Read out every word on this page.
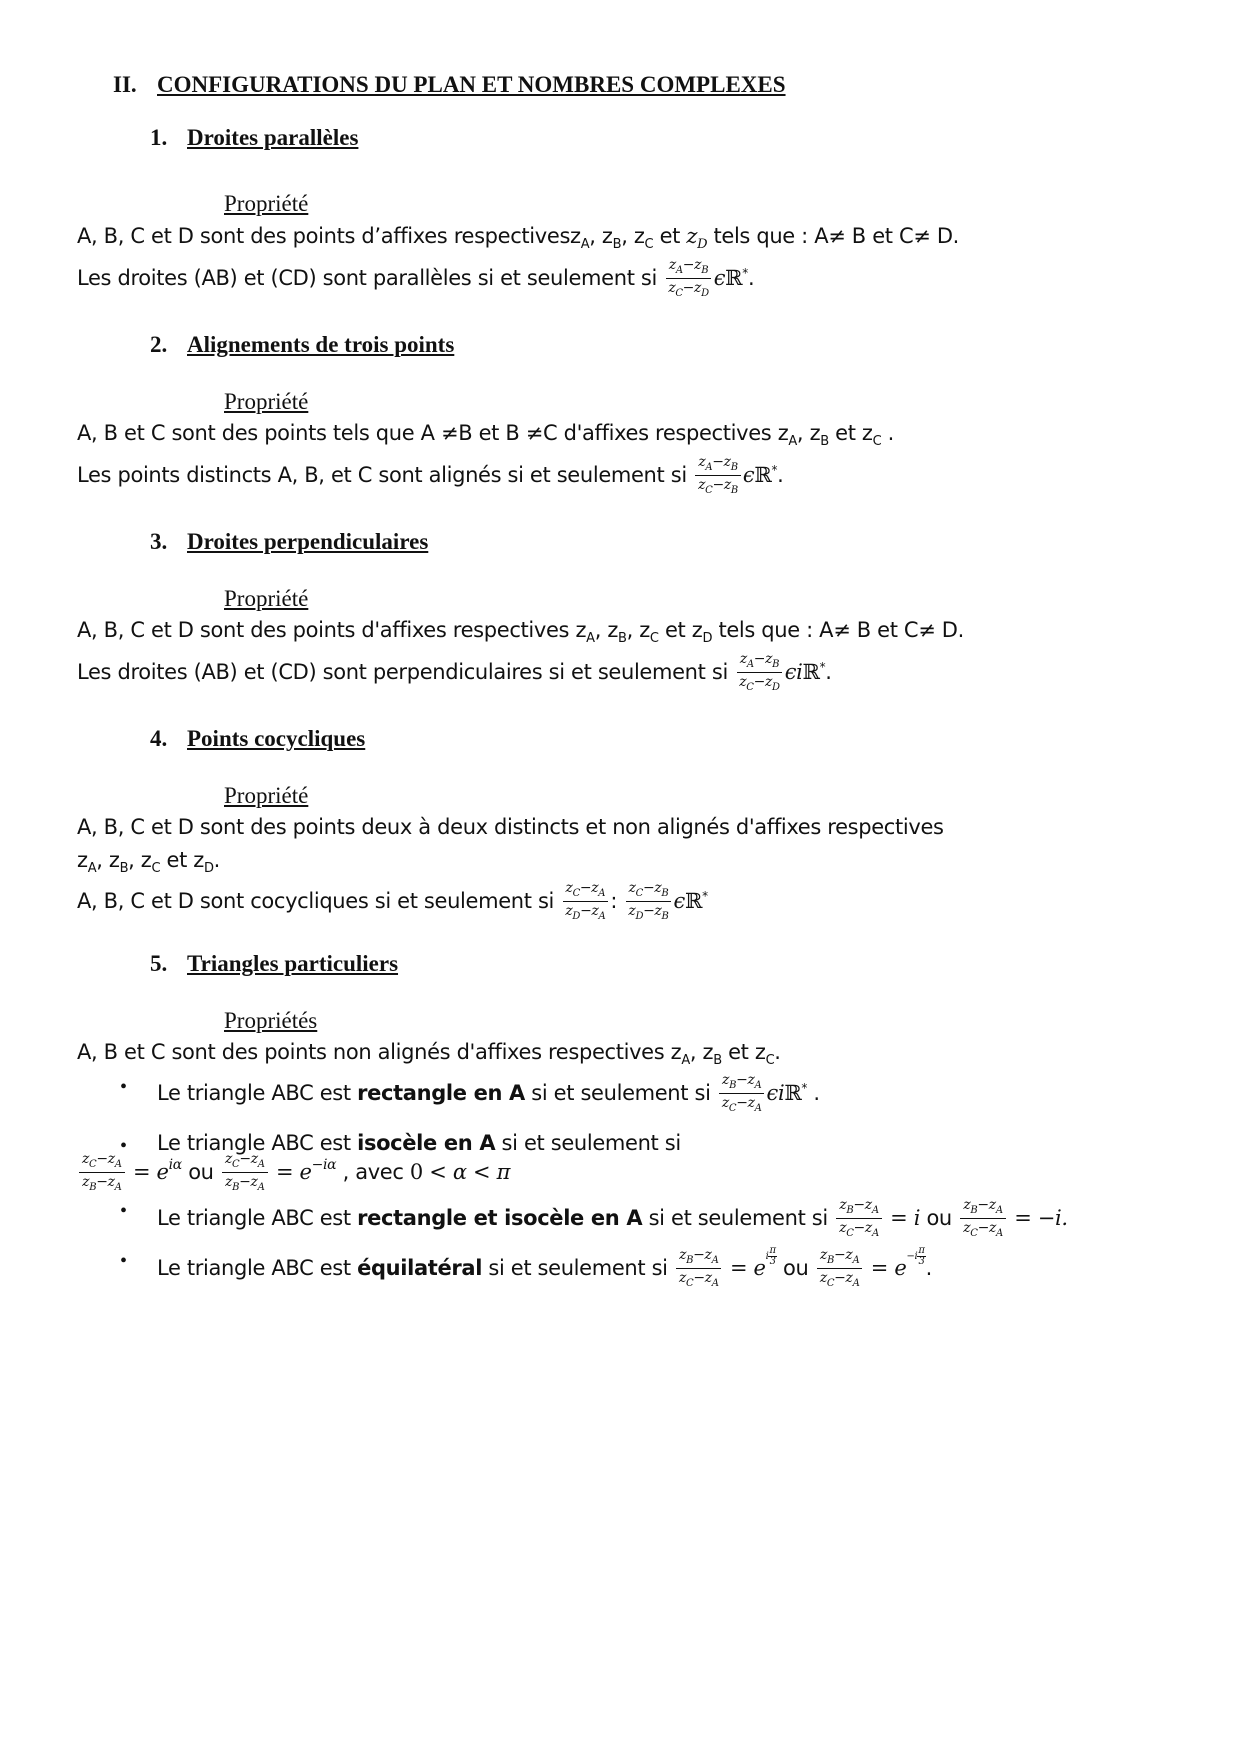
II. CONFIGURATIONS DU PLAN ET NOMBRES COMPLEXES
1. Droites parallèles
Propriété
A, B, C et D sont des points d’affixes respectivesz$_A$, $z_B$, $z_C$ et $z_D$ tels que : A≠ B et C≠ D.
Les droites (AB) et (CD) sont parallèles si et seulement si $\frac{z_A-z_B}{z_C-z_D}$ ϵℝ*.
2. Alignements de trois points
Propriété
A, B et C sont des points tels que A ≠B et B ≠C d'affixes respectives $z_A$, $z_B$ et $z_C$ .
Les points distincts A, B, et C sont alignés si et seulement si $\frac{z_A-z_B}{z_C-z_B}$ ϵℝ*.
3. Droites perpendiculaires
Propriété
A, B, C et D sont des points d'affixes respectives $z_A$, $z_B$, $z_C$ et $z_D$ tels que : A≠ B et C≠ D.
Les droites (AB) et (CD) sont perpendiculaires si et seulement si $\frac{z_A-z_B}{z_C-z_D}$ ϵiℝ*.
4. Points cocycliques
Propriété
A, B, C et D sont des points deux à deux distincts et non alignés d'affixes respectives
$z_A$, $z_B$, $z_C$ et $z_D$.
A, B, C et D sont cocycliques si et seulement si $\frac{z_C-z_A}{z_D-z_A}$ : $\frac{z_C-z_B}{z_D-z_B}$ ϵℝ*
5. Triangles particuliers
Propriétés
A, B et C sont des points non alignés d'affixes respectives $z_A$, $z_B$ et $z_C$.
• Le triangle ABC est rectangle en A si et seulement si $\frac{z_B-z_A}{z_C-z_A}$ ϵiℝ* .
• Le triangle ABC est isocèle en A si et seulement si
$\frac{z_C-z_A}{z_B-z_A} = e^{i\alpha}$ ou $\frac{z_C-z_A}{z_B-z_A} = e^{-i\alpha}$ , avec 0 < α < π
• Le triangle ABC est rectangle et isocèle en A si et seulement si $\frac{z_B-z_A}{z_C-z_A} = i$ ou $\frac{z_B-z_A}{z_C-z_A} = -i$.
• Le triangle ABC est équilatéral si et seulement si $\frac{z_B-z_A}{z_C-z_A} = e$ i $\frac{\pi}{3}$ ou $\frac{z_B-z_A}{z_C-z_A} = e -i \frac{\pi}{3}$ .
